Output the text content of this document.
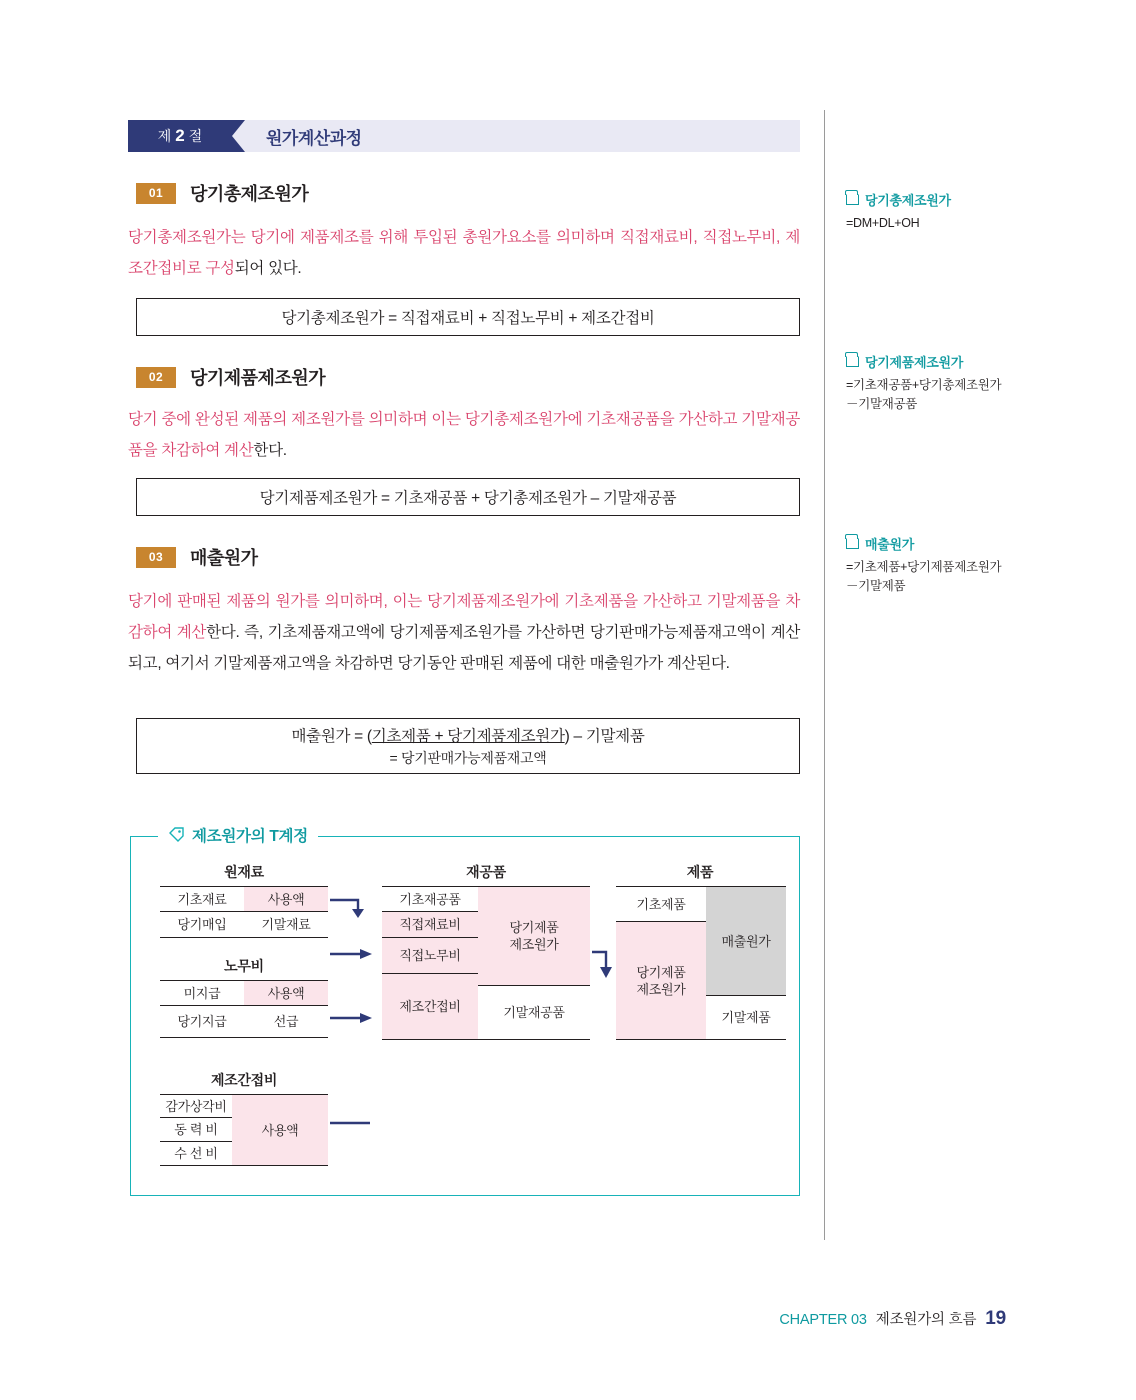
제 2 절	원가계산과정
01	당기총제조원가
당기총제조원가는 당기에 제품제조를 위해 투입된 총원가요소를 의미하며 직접재료비, 직접노무비, 제조간접비로 구성되어 있다.
당기총제조원가 = 직접재료비 + 직접노무비 + 제조간접비
02	당기제품제조원가
당기 중에 완성된 제품의 제조원가를 의미하며 이는 당기총제조원가에 기초재공품을 가산하고 기말재공품을 차감하여 계산한다.
당기제품제조원가 = 기초재공품 + 당기총제조원가 – 기말재공품
03	매출원가
당기에 판매된 제품의 원가를 의미하며, 이는 당기제품제조원가에 기초제품을 가산하고 기말제품을 차감하여 계산한다. 즉, 기초제품재고액에 당기제품제조원가를 가산하면 당기판매가능제품재고액이 계산되고, 여기서 기말제품재고액을 차감하면 당기동안 판매된 제품에 대한 매출원가가 계산된다.
매출원가 = (기초제품 + 당기제품제조원가) – 기말제품
= 당기판매가능제품재고액
당기총제조원가
=DM+DL+OH
당기제품제조원가
=기초재공품+당기총제조원가
－기말재공품
매출원가
=기초제품+당기제품제조원가
－기말제품
제조원가의 T계정
원재료
기초재료	사용액
당기매입	기말재료
노무비
미지급	사용액
당기지급	선급
제조간접비
감가상각비
동 력 비
수 선 비
사용액
재공품
기초재공품
직접재료비
직접노무비
제조간접비
당기제품
제조원가
기말재공품
제품
기초제품
당기제품
제조원가
매출원가
기말제품
CHAPTER 03 제조원가의 흐름 19
